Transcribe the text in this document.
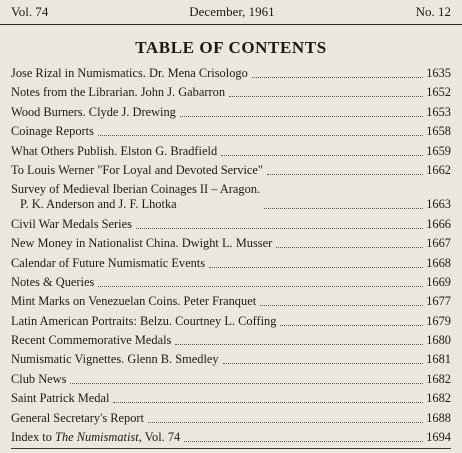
Vol. 74	December, 1961	No. 12
TABLE OF CONTENTS
Jose Rizal in Numismatics. Dr. Mena Crisologo	1635
Notes from the Librarian. John J. Gabarron	1652
Wood Burners. Clyde J. Drewing	1653
Coinage Reports	1658
What Others Publish. Elston G. Bradfield	1659
To Louis Werner "For Loyal and Devoted Service"	1662
Survey of Medieval Iberian Coinages II – Aragon.
P. K. Anderson and J. F. Lhotka	1663
Civil War Medals Series	1666
New Money in Nationalist China. Dwight L. Musser	1667
Calendar of Future Numismatic Events	1668
Notes & Queries	1669
Mint Marks on Venezuelan Coins. Peter Franquet	1677
Latin American Portraits: Belzu. Courtney L. Coffing	1679
Recent Commemorative Medals	1680
Numismatic Vignettes. Glenn B. Smedley	1681
Club News	1682
Saint Patrick Medal	1682
General Secretary's Report	1688
Index to The Numismatist, Vol. 74	1694
